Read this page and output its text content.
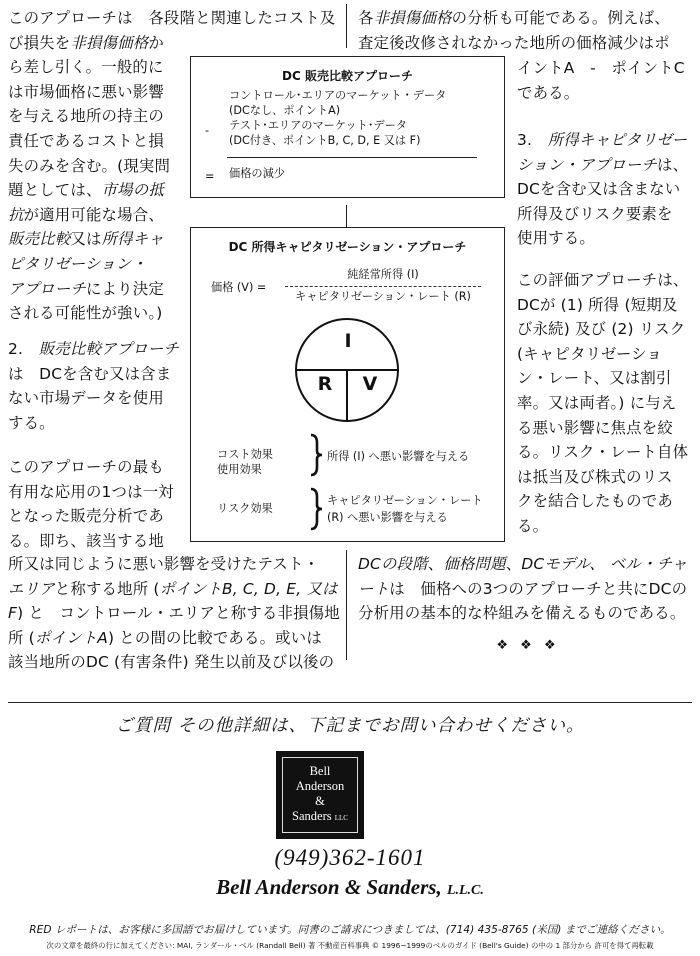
このアプローチは　各段階と関連したコスト及
び損失を非損傷価格か
ら差し引く。一般的に
は市場価格に悪い影響
を与える地所の持主の
責任であるコストと損
失のみを含む。(現実問
題としては、市場の抵
抗が適用可能な場合、
販売比較又は所得キャ
ピタリゼーション・
アプローチにより決定
される可能性が強い。)
2.　販売比較アプローチ
は　DCを含む又は含ま
ない市場データを使用
する。
このアプローチの最も
有用な応用の1つは一対
となった販売分析であ
る。即ち、該当する地
所又は同じように悪い影響を受けたテスト・
エリアと称する地所 (ポイントB, C, D, E, 又は
F) と　コントロール・エリアと称する非損傷地
所 (ポイントA) との間の比較である。或いは
該当地所のDC (有害条件) 発生以前及び以後の
各非損傷価格の分析も可能である。例えば、
査定後改修されなかった地所の価格減少はポ
イントA　-　ポイントC
である。
3.　所得キャピタリゼー
ション・アプローチは、
DCを含む又は含まない
所得及びリスク要素を
使用する。
この評価アプローチは、
DCが (1) 所得 (短期及
び永続) 及び (2) リスク
(キャピタリゼーショ
ン・レート、又は割引
率。又は両者。) に与え
る悪い影響に焦点を絞
る。リスク・レート自体
は抵当及び株式のリス
クを結合したものであ
る。
DCの段階、価格問題、DCモデル、 ベル・チャ
ートは　価格への3つのアプローチと共にDCの
分析用の基本的な枠組みを備えるものである。
❖ ❖ ❖

DC 販売比較アプローチ

コントロール･エリアのマーケット・データ
(DCなし、ポイントA)
- テスト･エリアのマーケット･データ
(DC付き、ポイントB, C, D, E 又は F)
= 価格の減少

DC 所得キャピタリゼーション・アプローチ

価格 (V) =
純経常所得 (I)
キャピタリゼーション・レート (R)
I
R	V
コスト効果
使用効果
所得 (I) へ悪い影響を与える
リスク効果
キャピタリゼーション・レート
(R) へ悪い影響を与える
ご質問 その他詳細は、下記までお問い合わせください。
Bell
Anderson
&
Sanders LLC
(949)362-1601
Bell Anderson & Sanders, L.L.C.
RED レポートは、お客様に多国語でお届けしています。同書のご請求につきましては、(714) 435-8765 (米国) までご連絡ください。
次の文章を最終の行に加えてください: MAI, ランダール・ベル (Randall Bell) 著 不動産百科事典 © 1996~1999のベルのガイド (Bell's Guide) の中の 1 部分から 許可を得て再転載
